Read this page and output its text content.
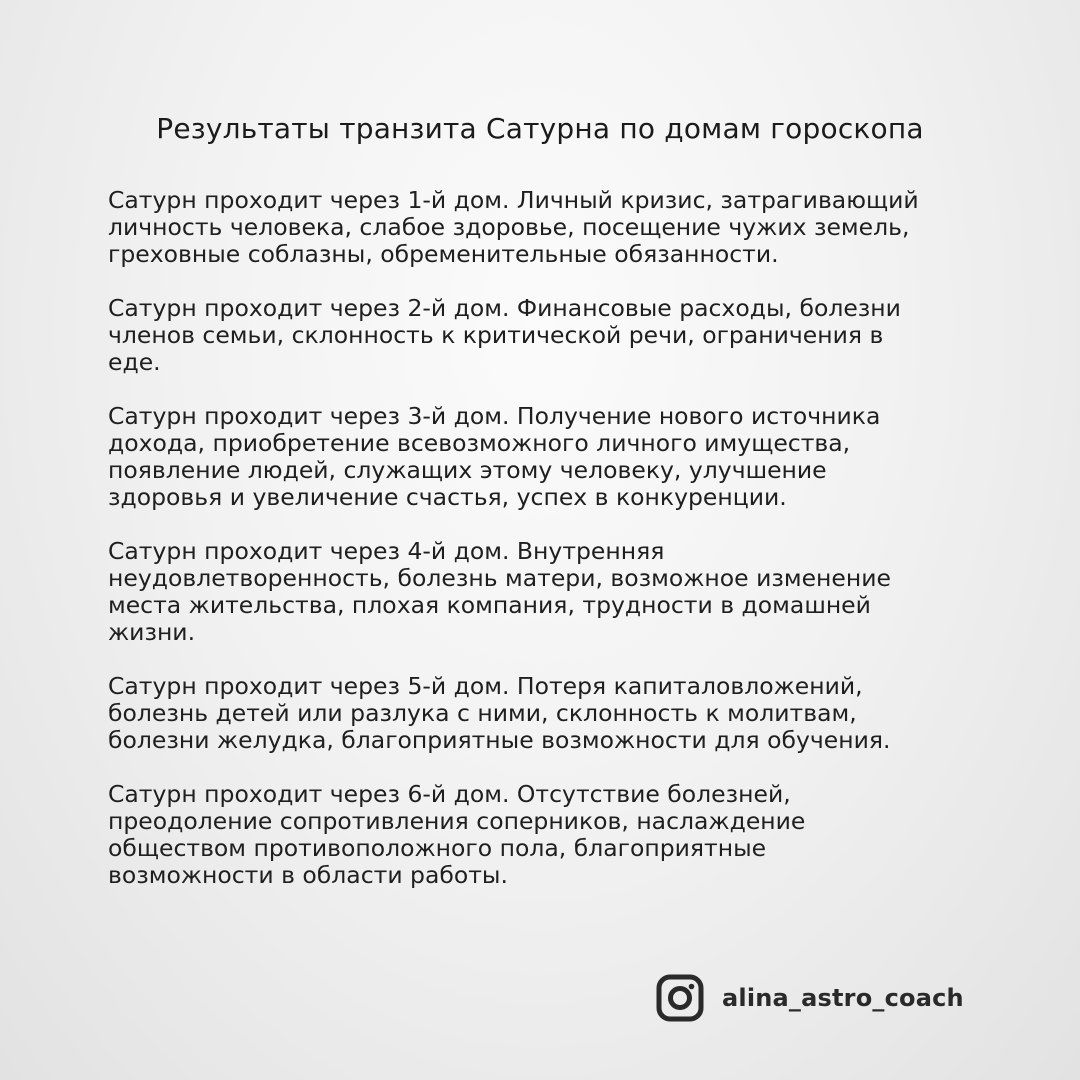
Результаты транзита Сатурна по домам гороскопа

Сатурн проходит через 1-й дом. Личный кризис, затрагивающий
личность человека, слабое здоровье, посещение чужих земель,
греховные соблазны, обременительные обязанности.

Сатурн проходит через 2-й дом. Финансовые расходы, болезни
членов семьи, склонность к критической речи, ограничения в
еде.

Сатурн проходит через 3-й дом. Получение нового источника
дохода, приобретение всевозможного личного имущества,
появление людей, служащих этому человеку, улучшение
здоровья и увеличение счастья, успех в конкуренции.

Сатурн проходит через 4-й дом. Внутренняя
неудовлетворенность, болезнь матери, возможное изменение
места жительства, плохая компания, трудности в домашней
жизни.

Сатурн проходит через 5-й дом. Потеря капиталовложений,
болезнь детей или разлука с ними, склонность к молитвам,
болезни желудка, благоприятные возможности для обучения.

Сатурн проходит через 6-й дом. Отсутствие болезней,
преодоление сопротивления соперников, наслаждение
обществом противоположного пола, благоприятные
возможности в области работы.

alina_astro_coach
